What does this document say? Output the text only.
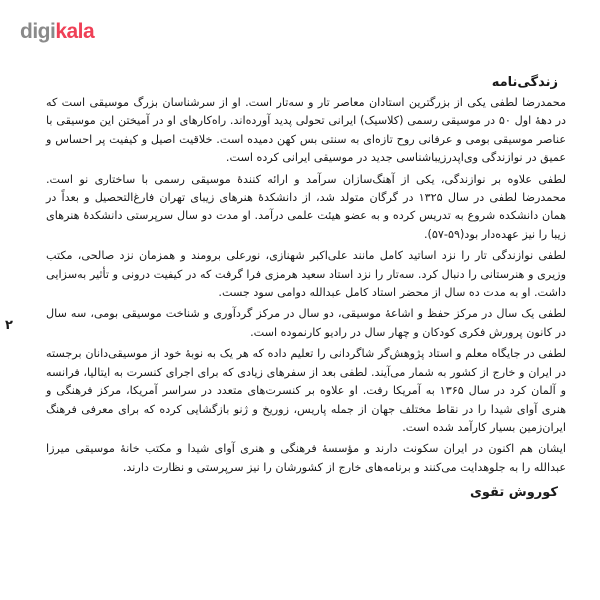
digikala
۲
زندگی‌نامه

محمدرضا لطفی یکی از بزرگترین استادان معاصر تار و سه‌تار است. او از سرشناسان بزرگ موسیقی است که در دههٔ اول ۵۰ در موسیقی رسمی (کلاسیک) ایرانی تحولی پدید آورده‌اند. راه‌کارهای او در آمیختن این موسیقی با عناصر موسیقی بومی و عرفانی روح تازه‌ای به سنتی بس کهن دمیده است. خلاقیت اصیل و کیفیت پر احساس و عمیق در نوازندگی وی‌اپدرز‌یباشناسی جدید در موسیقی ایرانی کرده است.

لطفی علاوه بر نوازندگی، یکی از آهنگ‌سازان سرآمد و ارائه کنندهٔ موسیقی رسمی با ساختاری نو است. محمدرضا لطفی در سال ۱۳۲۵ در گرگان متولد شد، از دانشکدهٔ هنرهای زیبای تهران فارغ‌التحصیل و بعداً در همان دانشکده شروع به تدریس کرده و به عضو هیئت علمی درآمد. او مدت دو سال سرپرستی دانشکدهٔ هنرهای زیبا را نیز عهده‌دار بود(۵۹-۵۷).

لطفی نوازندگی تار را نزد اساتید کامل مانند علی‌اکبر شهنازی، نورعلی برومند و همزمان نزد صالحی، مکتب وزیری و هنرستانی را دنبال کرد. سه‌تار را نزد استاد سعید هرمزی فرا گرفت که در کیفیت درونی و تأثیر به‌سزایی داشت. او به مدت ده سال از محضر استاد کامل عبدالله دوامی سود جست.

لطفی یک‌ سال در مرکز حفظ و اشاعهٔ موسیقی، دو سال در مرکز گردآوری و شناخت موسیقی بومی، سه سال در کانون پرورش فکری کودکان و چهار سال در رادیو کارنموده است.

لطفی در جایگاه معلم و استاد پژوهش‌گر شاگردانی را تعلیم داده که هر یک به نوبهٔ خود از موسیقی‌دانان برجسته در ایران و خارج از کشور به شمار می‌آیند. لطفی بعد از سفرهای زیادی که برای اجرای کنسرت به ایتالیا، فرانسه و آلمان کرد در سال ۱۳۶۵ به آمریکا رفت. او علاوه بر کنسرت‌های متعدد در سراسر آمریکا، مرکز فرهنگی و هنری آوای شیدا را در نقاط مختلف جهان از جمله پاریس، زوریخ و ژنو بازگشایی کرده که برای معرفی فرهنگ ایران‌زمین بسیار کارآمد شده است.

ایشان هم اکنون در ایران سکونت دارند و مؤسسهٔ فرهنگی و هنری آوای شیدا و مکتب خانهٔ موسیقی میرزا عبدالله را به جلوهدایت می‌کنند و برنامه‌های خارج از کشورشان را نیز سرپرستی و نظارت دارند.

کوروش تقوی
